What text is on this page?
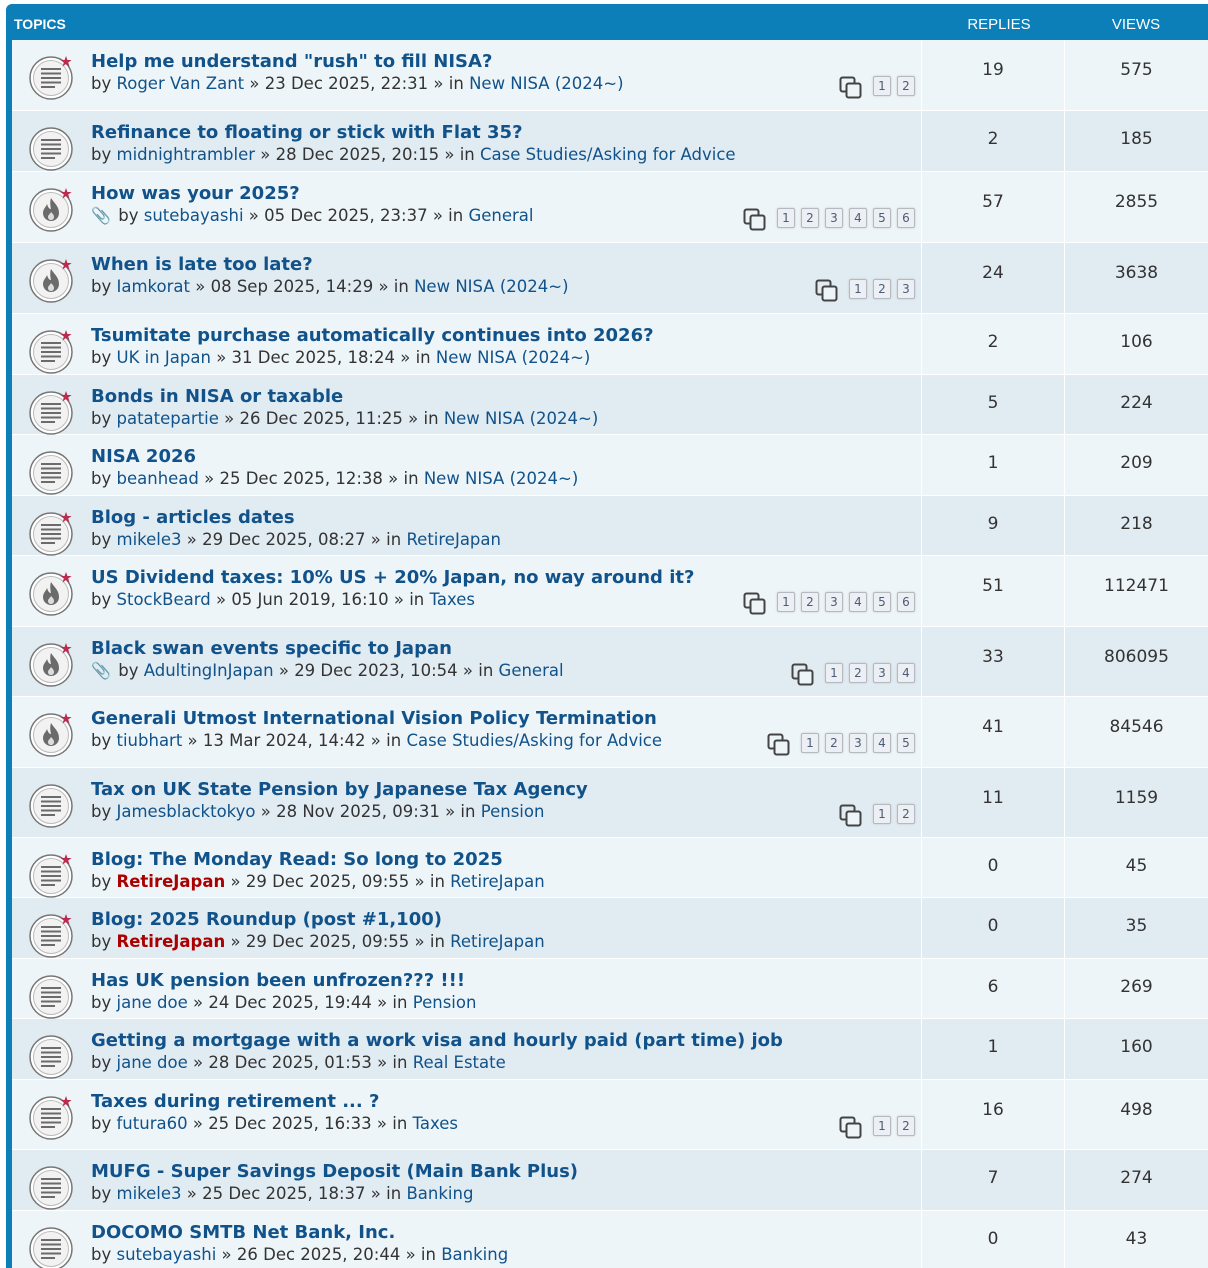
TOPICS	REPLIES	VIEWS
Help me understand "rush" to fill NISA?
by Roger Van Zant » 23 Dec 2025, 22:31 » in New NISA (2024~)	1 2
19	575
Refinance to floating or stick with Flat 35?
by midnightrambler » 28 Dec 2025, 20:15 » in Case Studies/Asking for Advice
2	185
How was your 2025?
📎 by sutebayashi » 05 Dec 2025, 23:37 » in General	1 2 3 4 5 6
57	2855
When is late too late?
by Iamkorat » 08 Sep 2025, 14:29 » in New NISA (2024~)	1 2 3
24	3638
Tsumitate purchase automatically continues into 2026?
by UK in Japan » 31 Dec 2025, 18:24 » in New NISA (2024~)
2	106
Bonds in NISA or taxable
by patatepartie » 26 Dec 2025, 11:25 » in New NISA (2024~)
5	224
NISA 2026
by beanhead » 25 Dec 2025, 12:38 » in New NISA (2024~)
1	209
Blog - articles dates
by mikele3 » 29 Dec 2025, 08:27 » in RetireJapan
9	218
US Dividend taxes: 10% US + 20% Japan, no way around it?
by StockBeard » 05 Jun 2019, 16:10 » in Taxes	1 2 3 4 5 6
51	112471
Black swan events specific to Japan
📎 by AdultingInJapan » 29 Dec 2023, 10:54 » in General	1 2 3 4
33	806095
Generali Utmost International Vision Policy Termination
by tiubhart » 13 Mar 2024, 14:42 » in Case Studies/Asking for Advice	1 2 3 4 5
41	84546
Tax on UK State Pension by Japanese Tax Agency
by Jamesblacktokyo » 28 Nov 2025, 09:31 » in Pension	1 2
11	1159
Blog: The Monday Read: So long to 2025
by RetireJapan » 29 Dec 2025, 09:55 » in RetireJapan
0	45
Blog: 2025 Roundup (post #1,100)
by RetireJapan » 29 Dec 2025, 09:55 » in RetireJapan
0	35
Has UK pension been unfrozen??? !!!
by jane doe » 24 Dec 2025, 19:44 » in Pension
6	269
Getting a mortgage with a work visa and hourly paid (part time) job
by jane doe » 28 Dec 2025, 01:53 » in Real Estate
1	160
Taxes during retirement ... ?
by futura60 » 25 Dec 2025, 16:33 » in Taxes	1 2
16	498
MUFG - Super Savings Deposit (Main Bank Plus)
by mikele3 » 25 Dec 2025, 18:37 » in Banking
7	274
DOCOMO SMTB Net Bank, Inc.
by sutebayashi » 26 Dec 2025, 20:44 » in Banking
0	43
